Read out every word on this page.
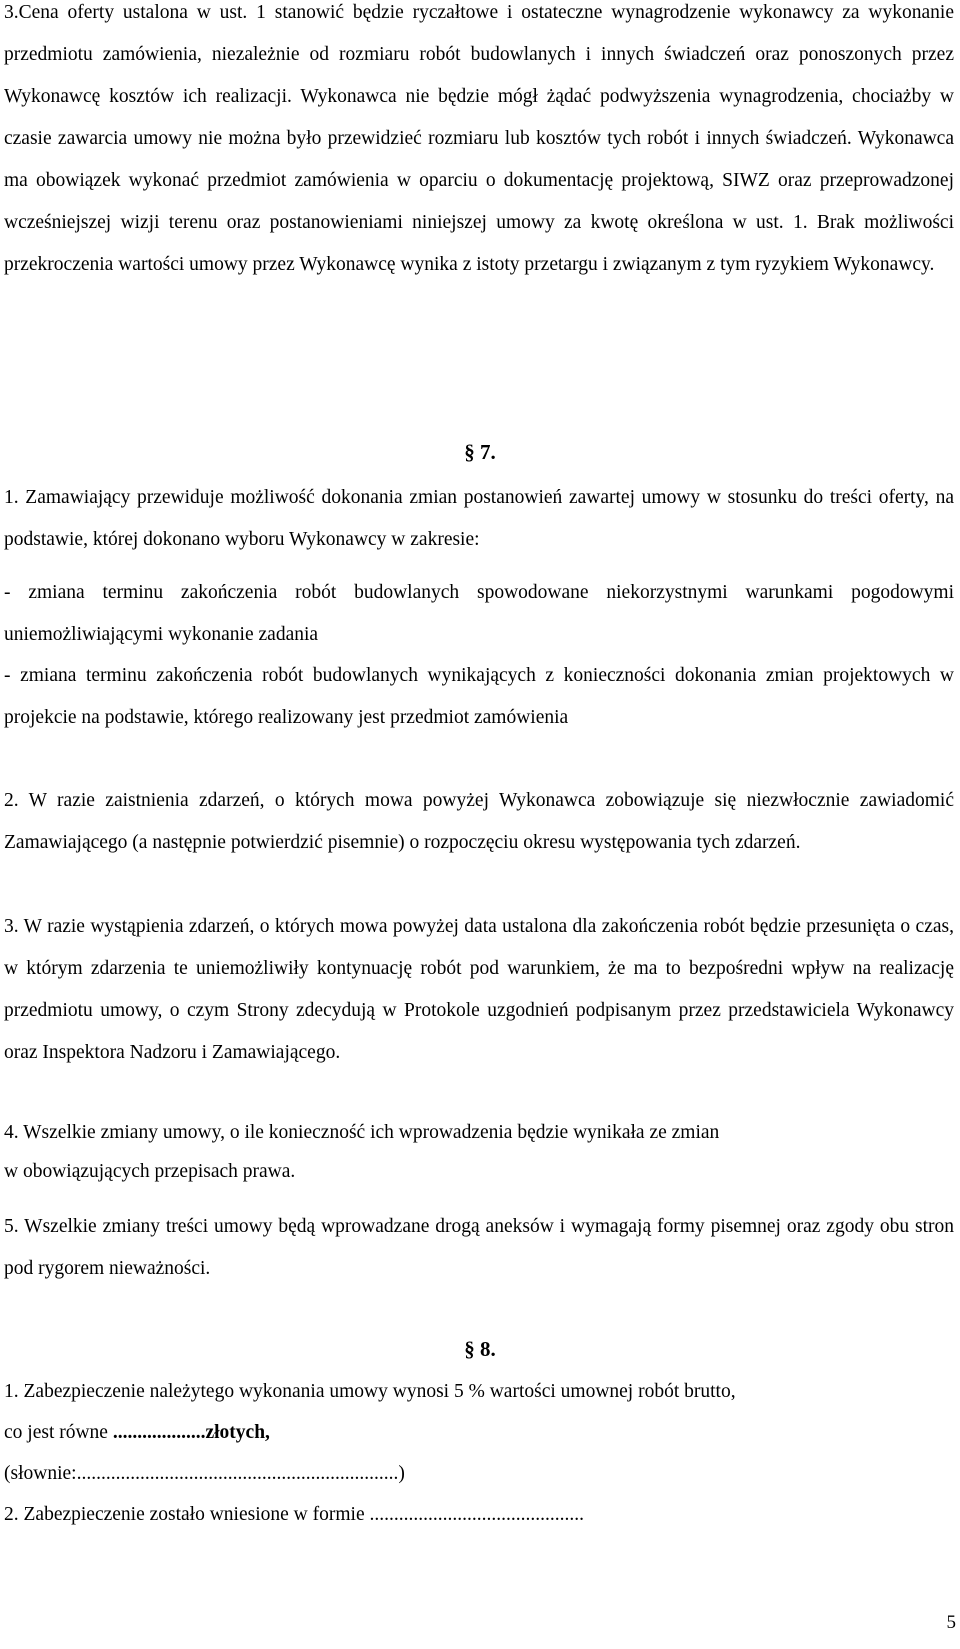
3.Cena oferty ustalona w ust. 1 stanowić będzie ryczałtowe i ostateczne wynagrodzenie wykonawcy za wykonanie przedmiotu zamówienia, niezależnie od rozmiaru robót budowlanych i innych świadczeń oraz ponoszonych przez Wykonawcę kosztów ich realizacji. Wykonawca nie będzie mógł żądać podwyższenia wynagrodzenia, chociażby w czasie zawarcia umowy nie można było przewidzieć rozmiaru lub kosztów tych robót i innych świadczeń. Wykonawca ma obowiązek wykonać przedmiot zamówienia w oparciu o dokumentację projektową, SIWZ oraz przeprowadzonej wcześniejszej wizji terenu oraz postanowieniami niniejszej umowy za kwotę określona w ust. 1. Brak możliwości przekroczenia wartości umowy przez Wykonawcę wynika z istoty przetargu i związanym z tym ryzykiem Wykonawcy.

§ 7.

1. Zamawiający przewiduje możliwość dokonania zmian postanowień zawartej umowy w stosunku do treści oferty, na podstawie, której dokonano wyboru Wykonawcy w zakresie:

- zmiana terminu zakończenia robót budowlanych spowodowane niekorzystnymi warunkami pogodowymi uniemożliwiającymi wykonanie zadania

- zmiana terminu zakończenia robót budowlanych wynikających z konieczności dokonania zmian projektowych w projekcie na podstawie, którego realizowany jest przedmiot zamówienia

2. W razie zaistnienia zdarzeń, o których mowa powyżej Wykonawca zobowiązuje się niezwłocznie zawiadomić Zamawiającego (a następnie potwierdzić pisemnie) o rozpoczęciu okresu występowania tych zdarzeń.

3. W razie wystąpienia zdarzeń, o których mowa powyżej data ustalona dla zakończenia robót będzie przesunięta o czas, w którym zdarzenia te uniemożliwiły kontynuację robót pod warunkiem, że ma to bezpośredni wpływ na realizację przedmiotu umowy, o czym Strony zdecydują w Protokole uzgodnień podpisanym przez przedstawiciela Wykonawcy oraz Inspektora Nadzoru i Zamawiającego.

4. Wszelkie zmiany umowy, o ile konieczność ich wprowadzenia będzie wynikała ze zmian

w obowiązujących przepisach prawa.

5. Wszelkie zmiany treści umowy będą wprowadzane drogą aneksów i wymagają formy pisemnej oraz zgody obu stron pod rygorem nieważności.

§ 8.

1. Zabezpieczenie należytego wykonania umowy wynosi 5 % wartości umownej robót brutto,

co jest równe ...................złotych,

(słownie:..................................................................)

2. Zabezpieczenie zostało wniesione w formie ............................................

5
